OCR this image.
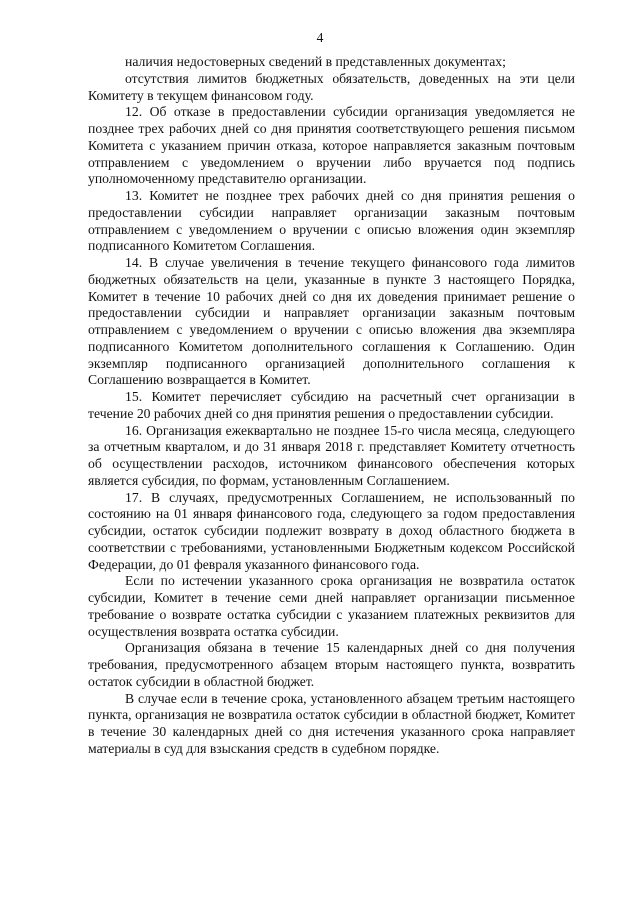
4

наличия недостоверных сведений в представленных документах;

отсутствия лимитов бюджетных обязательств, доведенных на эти цели Комитету в текущем финансовом году.

12. Об отказе в предоставлении субсидии организация уведомляется не позднее трех рабочих дней со дня принятия соответствующего решения письмом Комитета с указанием причин отказа, которое направляется заказным почтовым отправлением с уведомлением о вручении либо вручается под подпись уполномоченному представителю организации.

13. Комитет не позднее трех рабочих дней со дня принятия решения о предоставлении субсидии направляет организации заказным почтовым отправлением с уведомлением о вручении с описью вложения один экземпляр подписанного Комитетом Соглашения.

14. В случае увеличения в течение текущего финансового года лимитов бюджетных обязательств на цели, указанные в пункте 3 настоящего Порядка, Комитет в течение 10 рабочих дней со дня их доведения принимает решение о предоставлении субсидии и направляет организации заказным почтовым отправлением с уведомлением о вручении с описью вложения два экземпляра подписанного Комитетом дополнительного соглашения к Соглашению. Один экземпляр подписанного организацией дополнительного соглашения к Соглашению возвращается в Комитет.

15. Комитет перечисляет субсидию на расчетный счет организации в течение 20 рабочих дней со дня принятия решения о предоставлении субсидии.

16. Организация ежеквартально не позднее 15-го числа месяца, следующего за отчетным кварталом, и до 31 января 2018 г. представляет Комитету отчетность об осуществлении расходов, источником финансового обеспечения которых является субсидия, по формам, установленным Соглашением.

17. В случаях, предусмотренных Соглашением, не использованный по состоянию на 01 января финансового года, следующего за годом предоставления субсидии, остаток субсидии подлежит возврату в доход областного бюджета в соответствии с требованиями, установленными Бюджетным кодексом Российской Федерации, до 01 февраля указанного финансового года.

Если по истечении указанного срока организация не возвратила остаток субсидии, Комитет в течение семи дней направляет организации письменное требование о возврате остатка субсидии с указанием платежных реквизитов для осуществления возврата остатка субсидии.

Организация обязана в течение 15 календарных дней со дня получения требования, предусмотренного абзацем вторым настоящего пункта, возвратить остаток субсидии в областной бюджет.

В случае если в течение срока, установленного абзацем третьим настоящего пункта, организация не возвратила остаток субсидии в областной бюджет, Комитет в течение 30 календарных дней со дня истечения указанного срока направляет материалы в суд для взыскания средств в судебном порядке.
